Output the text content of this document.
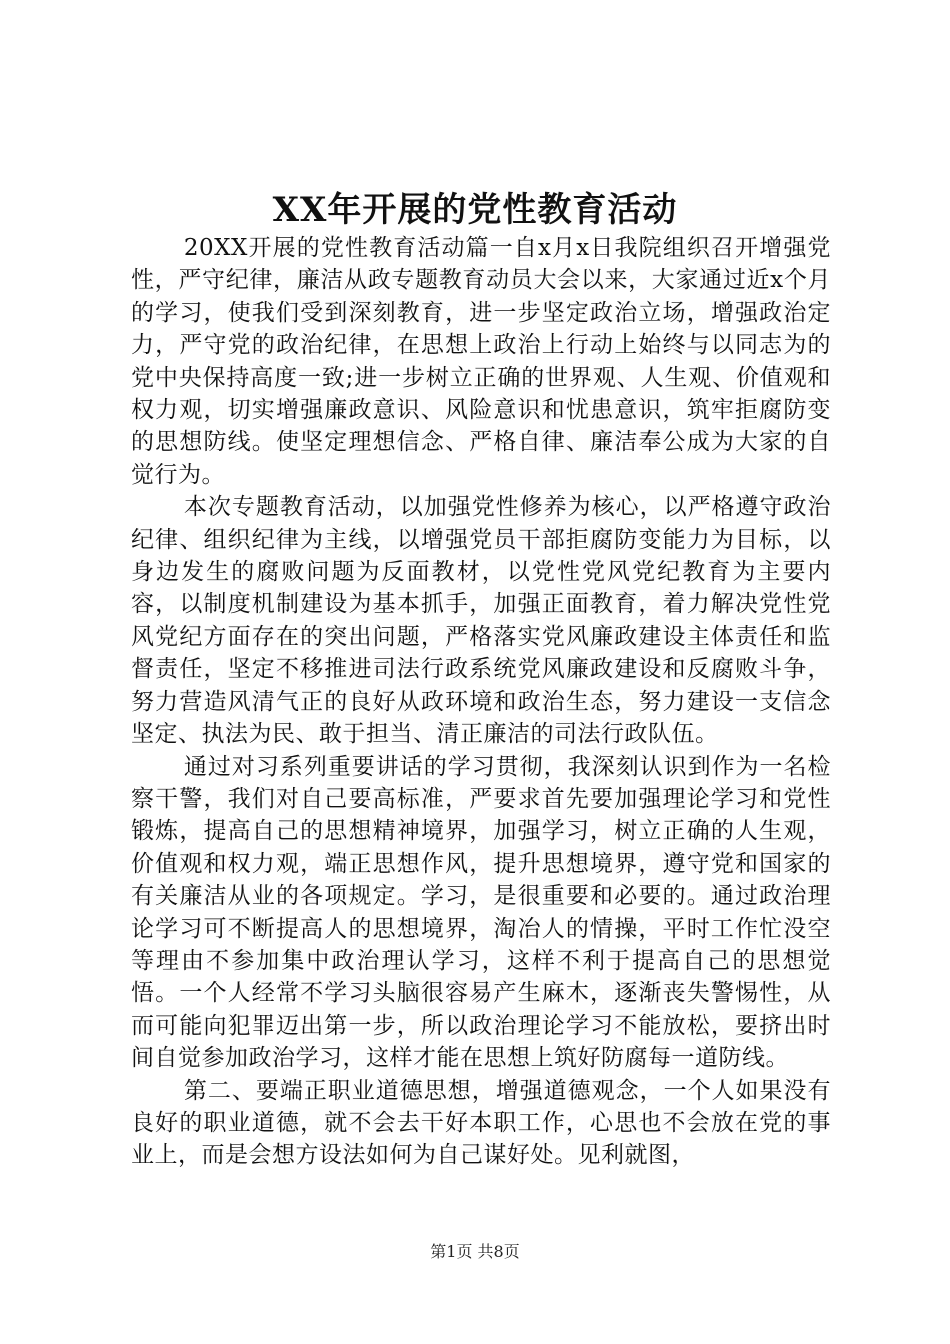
XX年开展的党性教育活动

20XX开展的党性教育活动篇一自x月x日我院组织召开增强党性，严守纪律，廉洁从政专题教育动员大会以来，大家通过近x个月的学习，使我们受到深刻教育，进一步坚定政治立场，增强政治定力，严守党的政治纪律，在思想上政治上行动上始终与以同志为的党中央保持高度一致;进一步树立正确的世界观、人生观、价值观和权力观，切实增强廉政意识、风险意识和忧患意识，筑牢拒腐防变的思想防线。使坚定理想信念、严格自律、廉洁奉公成为大家的自觉行为。

本次专题教育活动，以加强党性修养为核心，以严格遵守政治纪律、组织纪律为主线，以增强党员干部拒腐防变能力为目标，以身边发生的腐败问题为反面教材，以党性党风党纪教育为主要内容，以制度机制建设为基本抓手，加强正面教育，着力解决党性党风党纪方面存在的突出问题，严格落实党风廉政建设主体责任和监督责任，坚定不移推进司法行政系统党风廉政建设和反腐败斗争，努力营造风清气正的良好从政环境和政治生态，努力建设一支信念坚定、执法为民、敢于担当、清正廉洁的司法行政队伍。

通过对习系列重要讲话的学习贯彻，我深刻认识到作为一名检察干警，我们对自己要高标准，严要求首先要加强理论学习和党性锻炼，提高自己的思想精神境界，加强学习，树立正确的人生观，价值观和权力观，端正思想作风，提升思想境界，遵守党和国家的有关廉洁从业的各项规定。学习，是很重要和必要的。通过政治理论学习可不断提高人的思想境界，淘冶人的情操，平时工作忙没空等理由不参加集中政治理认学习，这样不利于提高自己的思想觉悟。一个人经常不学习头脑很容易产生麻木，逐渐丧失警惕性，从而可能向犯罪迈出第一步，所以政治理论学习不能放松，要挤出时间自觉参加政治学习，这样才能在思想上筑好防腐每一道防线。

第二、要端正职业道德思想，增强道德观念，一个人如果没有良好的职业道德，就不会去干好本职工作，心思也不会放在党的事业上，而是会想方设法如何为自己谋好处。见利就图，

第1页 共8页
